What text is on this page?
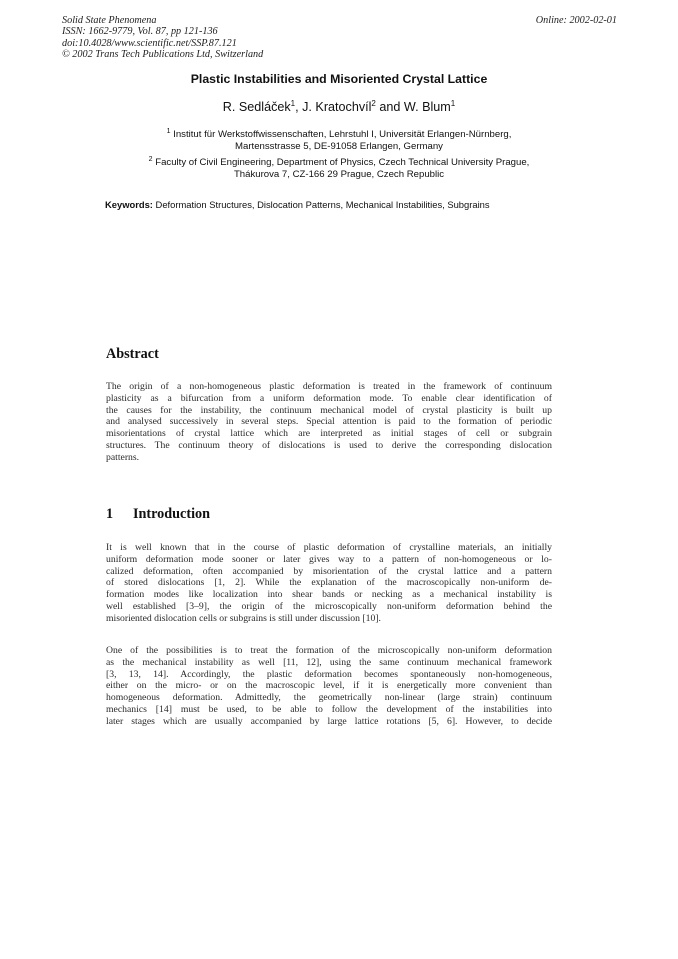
Solid State Phenomena
ISSN: 1662-9779, Vol. 87, pp 121-136
doi:10.4028/www.scientific.net/SSP.87.121
© 2002 Trans Tech Publications Ltd, Switzerland
Online: 2002-02-01
Plastic Instabilities and Misoriented Crystal Lattice
R. Sedláček$^1$, J. Kratochvíl$^2$ and W. Blum$^1$
$^1$ Institut für Werkstoffwissenschaften, Lehrstuhl I, Universität Erlangen-Nürnberg,
Martensstrasse 5, DE-91058 Erlangen, Germany
$^2$ Faculty of Civil Engineering, Department of Physics, Czech Technical University Prague,
Thákurova 7, CZ-166 29 Prague, Czech Republic
Keywords: Deformation Structures, Dislocation Patterns, Mechanical Instabilities, Subgrains
Abstract
The origin of a non-homogeneous plastic deformation is treated in the framework of continuum
plasticity as a bifurcation from a uniform deformation mode. To enable clear identification of
the causes for the instability, the continuum mechanical model of crystal plasticity is built up
and analysed successively in several steps. Special attention is paid to the formation of periodic
misorientations of crystal lattice which are interpreted as initial stages of cell or subgrain
structures. The continuum theory of dislocations is used to derive the corresponding dislocation
patterns.
1 Introduction
It is well known that in the course of plastic deformation of crystalline materials, an initially
uniform deformation mode sooner or later gives way to a pattern of non-homogeneous or lo-
calized deformation, often accompanied by misorientation of the crystal lattice and a pattern
of stored dislocations [1, 2]. While the explanation of the macroscopically non-uniform de-
formation modes like localization into shear bands or necking as a mechanical instability is
well established [3–9], the origin of the microscopically non-uniform deformation behind the
misoriented dislocation cells or subgrains is still under discussion [10].
One of the possibilities is to treat the formation of the microscopically non-uniform deformation
as the mechanical instability as well [11, 12], using the same continuum mechanical framework
[3, 13, 14]. Accordingly, the plastic deformation becomes spontaneously non-homogeneous,
either on the micro- or on the macroscopic level, if it is energetically more convenient than
homogeneous deformation. Admittedly, the geometrically non-linear (large strain) continuum
mechanics [14] must be used, to be able to follow the development of the instabilities into
later stages which are usually accompanied by large lattice rotations [5, 6]. However, to decide
